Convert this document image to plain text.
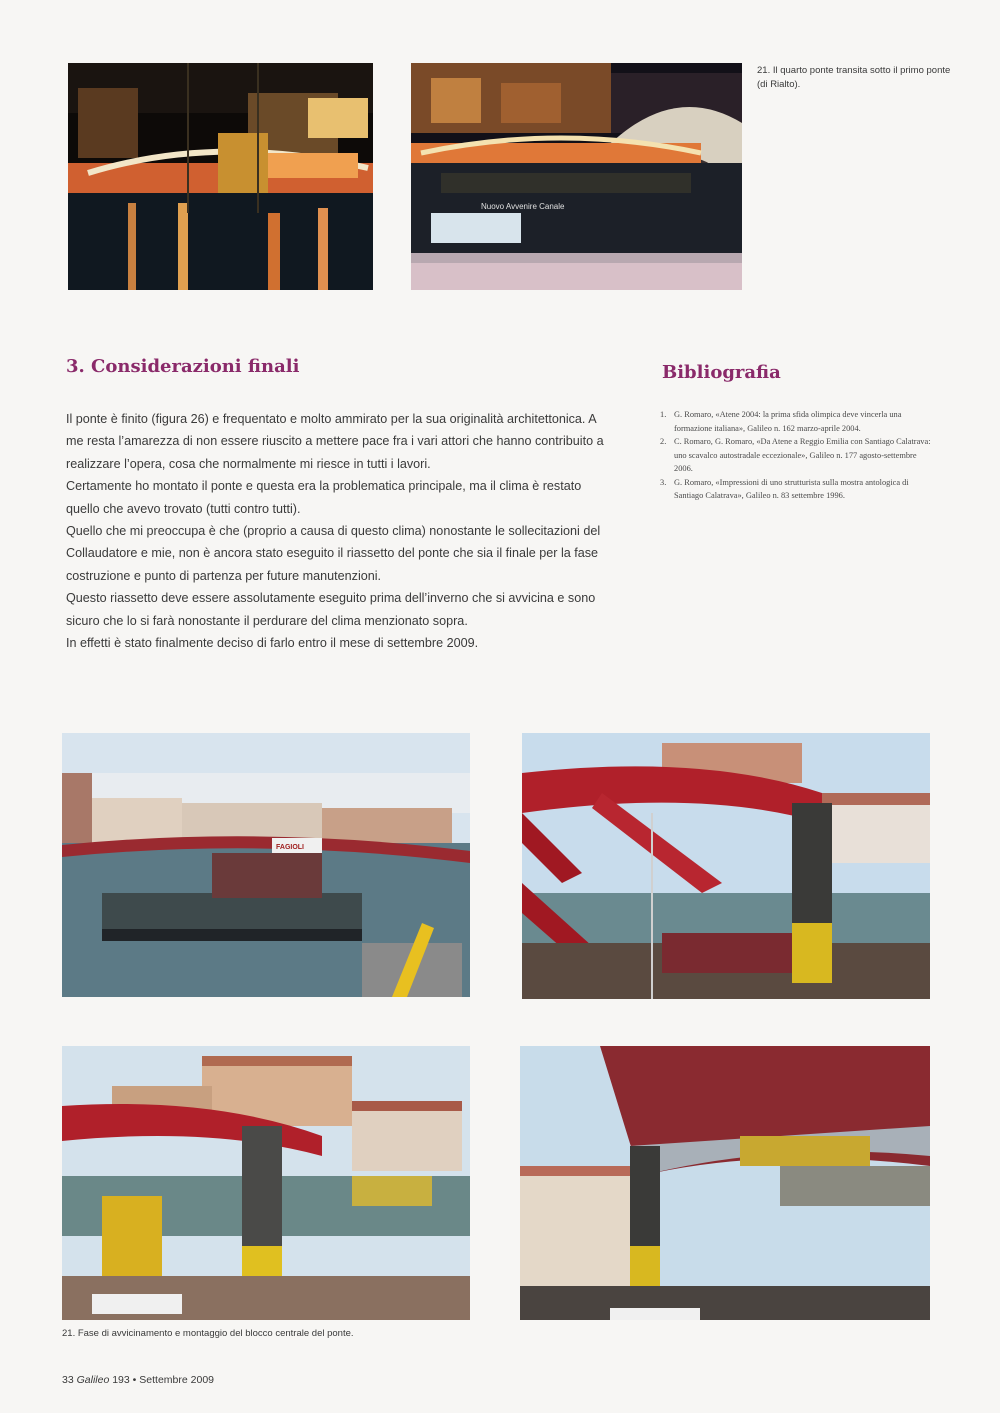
Nuovo Avvenire Canale
21. Il quarto ponte transita sotto il primo ponte (di Rialto).
3. Considerazioni finali	Bibliografia

Il ponte è finito (figura 26) e frequentato e molto ammirato per la sua originalità architettonica. A me resta l’amarezza di non essere riuscito a mettere pace fra i vari attori che hanno contribuito a realizzare l’opera, cosa che normalmente mi riesce in tutti i lavori.

Certamente ho montato il ponte e questa era la problematica principale, ma il clima è restato quello che avevo trovato (tutti contro tutti).

Quello che mi preoccupa è che (proprio a causa di questo clima) nonostante le sollecitazioni del Collaudatore e mie, non è ancora stato eseguito il riassetto del ponte che sia il finale per la fase costruzione e punto di partenza per future manutenzioni.

Questo riassetto deve essere assolutamente eseguito prima dell’inverno che si avvicina e sono sicuro che lo si farà nonostante il perdurare del clima menzionato sopra.

In effetti è stato finalmente deciso di farlo entro il mese di settembre 2009.

1. G. Romaro, «Atene 2004: la prima sfida olimpica deve vincerla una formazione italiana», Galileo n. 162 marzo-aprile 2004.
2. C. Romaro, G. Romaro, «Da Atene a Reggio Emilia con Santiago Calatrava: uno scavalco autostradale eccezionale», Galileo n. 177 agosto-settembre 2006.
3. G. Romaro, «Impressioni di uno strutturista sulla mostra antologica di Santiago Calatrava», Galileo n. 83 settembre 1996.
FAGIOLI
21. Fase di avvicinamento e montaggio del blocco centrale del ponte.
33 Galileo 193 • Settembre 2009
